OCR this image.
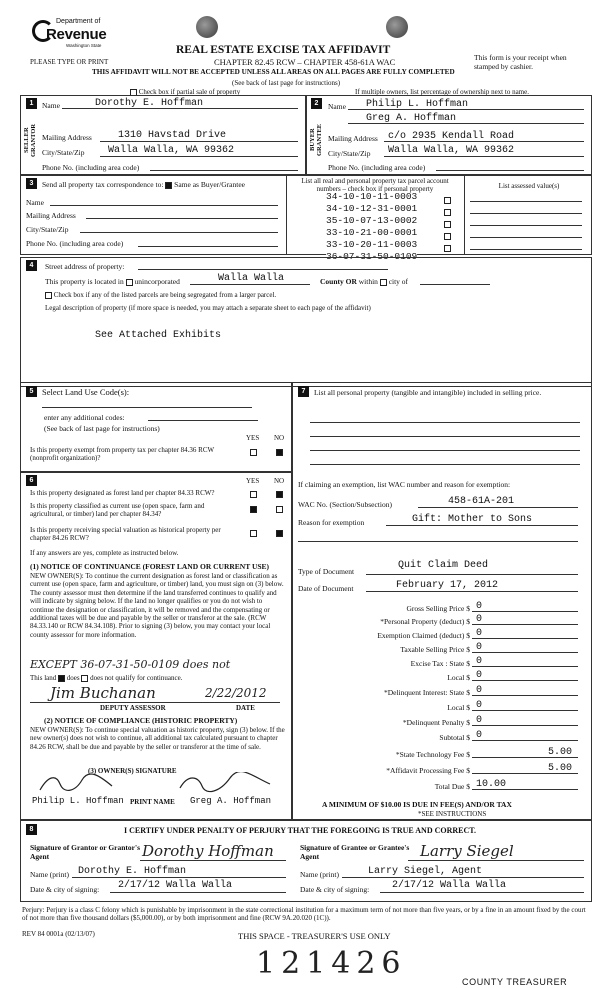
Department of
Revenue
Washington State
PLEASE TYPE OR PRINT
REAL ESTATE EXCISE TAX AFFIDAVIT
CHAPTER 82.45 RCW – CHAPTER 458-61A WAC
THIS AFFIDAVIT WILL NOT BE ACCEPTED UNLESS ALL AREAS ON ALL PAGES ARE FULLY COMPLETED
(See back of last page for instructions)
This form is your receipt when stamped by cashier.
Check box if partial sale of property	If multiple owners, list percentage of ownership next to name.
1	2
SELLER GRANTOR	BUYER GRANTEE
Name	Dorothy E. Hoffman
Mailing Address	1310 Havstad Drive
City/State/Zip Walla Walla, WA 99362
Phone No. (including area code)
Name Philip L. Hoffman
Greg A. Hoffman
Mailing Address c/o 2935 Kendall Road
City/State/Zip Walla Walla, WA 99362
Phone No. (including area code)
3	Send all property tax correspondence to: Same as Buyer/Grantee
Name
Mailing Address
City/State/Zip
Phone No. (including area code)
List all real and personal property tax parcel account numbers – check box if personal property	List assessed value(s)
34-10-10-11-0003
34-10-12-31-0001
35-10-07-13-0002
33-10-21-00-0001
33-10-20-11-0003
36-07-31-50-0109
4	Street address of property:
This property is located in unincorporated	Walla Walla	County OR within city of
Check box if any of the listed parcels are being segregated from a larger parcel.
Legal description of property (if more space is needed, you may attach a separate sheet to each page of the affidavit)
See Attached Exhibits
5	Select Land Use Code(s):
enter any additional codes:
(See back of last page for instructions)
YES NO
Is this property exempt from property tax per chapter 84.36 RCW (nonprofit organization)?
6	YES NO
Is this property designated as forest land per chapter 84.33 RCW?
Is this property classified as current use (open space, farm and agricultural, or timber) land per chapter 84.34?
Is this property receiving special valuation as historical property per chapter 84.26 RCW?
If any answers are yes, complete as instructed below.
(1) NOTICE OF CONTINUANCE (FOREST LAND OR CURRENT USE)
NEW OWNER(S): To continue the current designation as forest land or classification as current use (open space, farm and agriculture, or timber) land, you must sign on (3) below. The county assessor must then determine if the land transferred continues to qualify and will indicate by signing below. If the land no longer qualifies or you do not wish to continue the designation or classification, it will be removed and the compensating or additional taxes will be due and payable by the seller or transferor at the sale. (RCW 84.33.140 or RCW 84.34.108). Prior to signing (3) below, you may contact your local county assessor for more information.
EXCEPT 36-07-31-50-0109 does not
This land does does not qualify for continuance.
Jim Buchanan	2/22/2012
DEPUTY ASSESSOR	DATE
(2) NOTICE OF COMPLIANCE (HISTORIC PROPERTY)
NEW OWNER(S): To continue special valuation as historic property, sign (3) below. If the new owner(s) does not wish to continue, all additional tax calculated pursuant to chapter 84.26 RCW, shall be due and payable by the seller or transferor at the time of sale.
(3) OWNER(S) SIGNATURE
Philip L. Hoffman PRINT NAME Greg A. Hoffman
7	List all personal property (tangible and intangible) included in selling price.
If claiming an exemption, list WAC number and reason for exemption:
WAC No. (Section/Subsection)	458-61A-201
Reason for exemption	Gift: Mother to Sons
Type of Document
Quit Claim Deed
Date of Document	February 17, 2012
Gross Selling Price $ 0
*Personal Property (deduct) $ 0
Exemption Claimed (deduct) $ 0
Taxable Selling Price $ 0
Excise Tax : State $ 0
Local $ 0
*Delinquent Interest: State $ 0
Local $ 0
*Delinquent Penalty $ 0
Subtotal $ 0
*State Technology Fee $	5.00
*Affidavit Processing Fee $	5.00
Total Due $ 10.00
A MINIMUM OF $10.00 IS DUE IN FEE(S) AND/OR TAX
*SEE INSTRUCTIONS
8	I CERTIFY UNDER PENALTY OF PERJURY THAT THE FOREGOING IS TRUE AND CORRECT.
Signature of Grantor or Grantor's Agent	Dorothy Hoffman	Signature of Grantee or Grantee's Agent	Larry Siegel
Name (print) Dorothy E. Hoffman	Name (print)	Larry Siegel, Agent
Date & city of signing: 2/17/12 Walla Walla	Date & city of signing: 2/17/12 Walla Walla
Perjury: Perjury is a class C felony which is punishable by imprisonment in the state correctional institution for a maximum term of not more than five years, or by a fine in an amount fixed by the court of not more than five thousand dollars ($5,000.00), or by both imprisonment and fine (RCW 9A.20.020 (1C)).
REV 84 0001a (02/13/07)	THIS SPACE - TREASURER'S USE ONLY
121426
COUNTY TREASURER
